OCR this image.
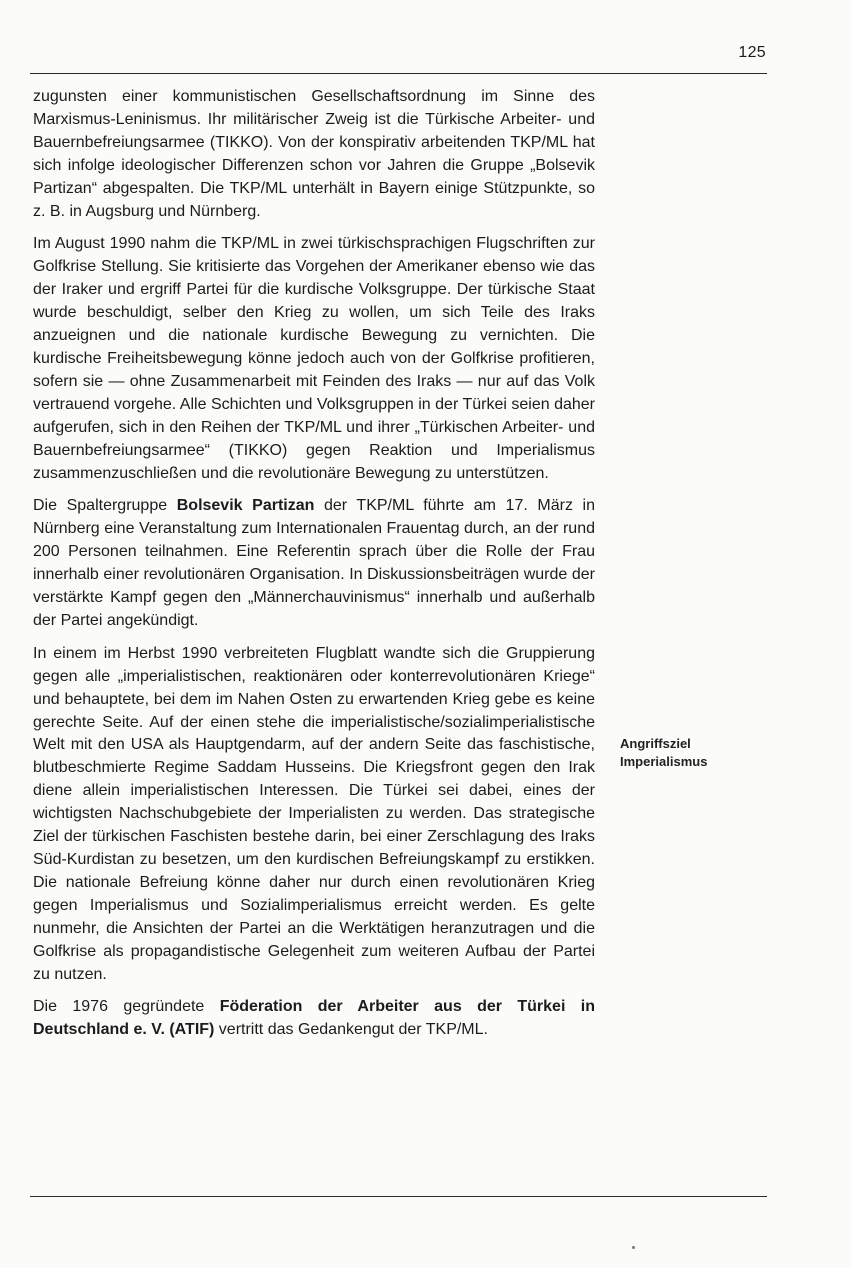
125

zugunsten einer kommunistischen Gesellschaftsordnung im Sinne des Marxismus-Leninismus. Ihr militärischer Zweig ist die Türkische Arbeiter- und Bauernbefreiungsarmee (TIKKO). Von der konspirativ arbeitenden TKP/ML hat sich infolge ideologischer Differenzen schon vor Jahren die Gruppe „Bolsevik Partizan“ abgespalten. Die TKP/ML unterhält in Bayern einige Stützpunkte, so z. B. in Augsburg und Nürnberg.

Im August 1990 nahm die TKP/ML in zwei türkischsprachigen Flugschriften zur Golfkrise Stellung. Sie kritisierte das Vorgehen der Amerikaner ebenso wie das der Iraker und ergriff Partei für die kurdische Volksgruppe. Der türkische Staat wurde beschuldigt, selber den Krieg zu wollen, um sich Teile des Iraks anzueignen und die nationale kurdische Bewegung zu vernichten. Die kurdische Freiheitsbewegung könne jedoch auch von der Golfkrise profitieren, sofern sie — ohne Zusammenarbeit mit Feinden des Iraks — nur auf das Volk vertrauend vorgehe. Alle Schichten und Volksgruppen in der Türkei seien daher aufgerufen, sich in den Reihen der TKP/ML und ihrer „Türkischen Arbeiter- und Bauernbefreiungsarmee“ (TIKKO) gegen Reaktion und Imperialismus zusammenzuschließen und die revolutionäre Bewegung zu unterstützen.

Die Spaltergruppe Bolsevik Partizan der TKP/ML führte am 17. März in Nürnberg eine Veranstaltung zum Internationalen Frauentag durch, an der rund 200 Personen teilnahmen. Eine Referentin sprach über die Rolle der Frau innerhalb einer revolutionären Organisation. In Diskussionsbeiträgen wurde der verstärkte Kampf gegen den „Männerchauvinismus“ innerhalb und außerhalb der Partei angekündigt.

In einem im Herbst 1990 verbreiteten Flugblatt wandte sich die Gruppierung gegen alle „imperialistischen, reaktionären oder konterrevolutionären Kriege“ und behauptete, bei dem im Nahen Osten zu erwartenden Krieg gebe es keine gerechte Seite. Auf der einen stehe die imperialistische/sozialimperialistische Welt mit den USA als Hauptgendarm, auf der andern Seite das faschistische, blutbeschmierte Regime Saddam Husseins. Die Kriegsfront gegen den Irak diene allein imperialistischen Interessen. Die Türkei sei dabei, eines der wichtigsten Nachschubgebiete der Imperialisten zu werden. Das strategische Ziel der türkischen Faschisten bestehe darin, bei einer Zerschlagung des Iraks Süd-Kurdistan zu besetzen, um den kurdischen Befreiungskampf zu erstikken. Die nationale Befreiung könne daher nur durch einen revolutionären Krieg gegen Imperialismus und Sozialimperialismus erreicht werden. Es gelte nunmehr, die Ansichten der Partei an die Werktätigen heranzutragen und die Golfkrise als propagandistische Gelegenheit zum weiteren Aufbau der Partei zu nutzen.

Die 1976 gegründete Föderation der Arbeiter aus der Türkei in Deutschland e. V. (ATIF) vertritt das Gedankengut der TKP/ML.

Angriffsziel
Imperialismus
